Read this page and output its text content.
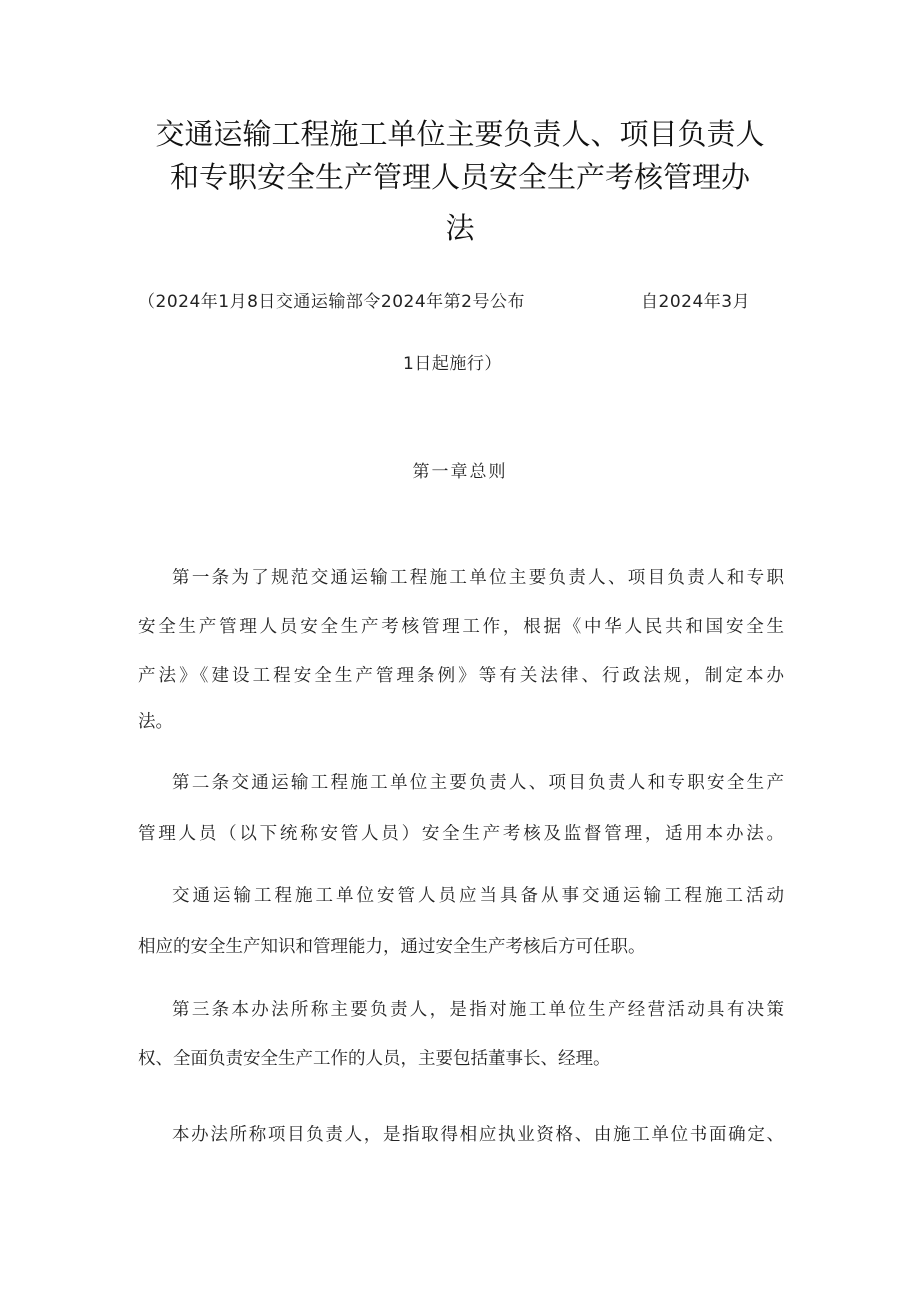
交通运输工程施工单位主要负责人、项目负责人
和专职安全生产管理人员安全生产考核管理办
法
（2024年1月8日交通运输部令2024年第2号公布	自2024年3月
1日起施行）
第一章总则
第一条为了规范交通运输工程施工单位主要负责人、项目负责人和专职
安全生产管理人员安全生产考核管理工作，根据《中华人民共和国安全生
产法》《建设工程安全生产管理条例》等有关法律、行政法规，制定本办
法。
第二条交通运输工程施工单位主要负责人、项目负责人和专职安全生产
管理人员（以下统称安管人员）安全生产考核及监督管理，适用本办法。
交通运输工程施工单位安管人员应当具备从事交通运输工程施工活动
相应的安全生产知识和管理能力，通过安全生产考核后方可任职。
第三条本办法所称主要负责人，是指对施工单位生产经营活动具有决策
权、全面负责安全生产工作的人员，主要包括董事长、经理。
本办法所称项目负责人，是指取得相应执业资格、由施工单位书面确定、
